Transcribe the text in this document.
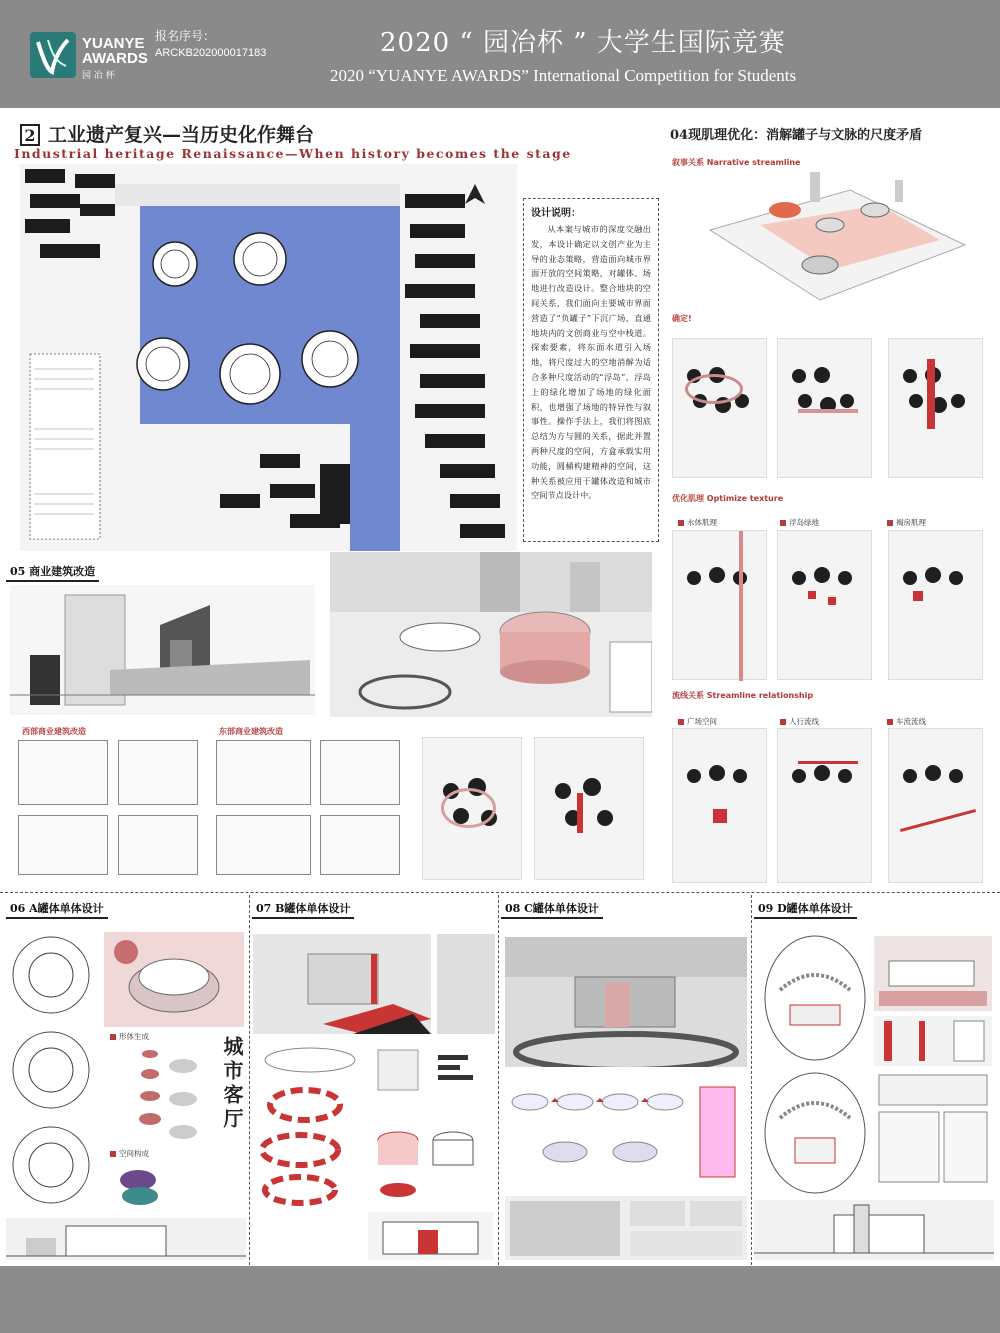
YUANYE
AWARDS
园 冶 杯
报名序号：
ARCKB202000017183	2020 “ 园冶杯 ” 大学生国际竞赛
2020 “YUANYE AWARDS” International Competition for Students
2 工业遗产复兴—当历史化作舞台
Industrial heritage Renaissance—When history becomes the stage
设计说明：
从本案与城市的深度交融出发，本设计确定以文创产业为主导的业态策略，营造面向城市界面开放的空间策略，对罐体、场地进行改造设计。整合地块的空间关系，我们面向主要城市界面营造了“负罐子”下沉广场，直通地块内的文创商业与空中栈道。探索要素，将东面水道引入场地，将尺度过大的空地消解为适合多种尺度活动的“浮岛”，浮岛上的绿化增加了场地的绿化面积，也增强了场地的特异性与叙事性。操作手法上，我们将图底总结为方与圆的关系，据此并置两种尺度的空间，方盒承载实用功能，圆桶构建精神的空间，这种关系被应用于罐体改造和城市空间节点设计中。
04现肌理优化：消解罐子与文脉的尺度矛盾
叙事关系 Narrative streamline
确定!
优化肌理 Optimize texture
水体肌理	浮岛绿地	褐房肌理
流线关系 Streamline relationship
广场空间	人行流线	车流流线
05 商业建筑改造
西部商业建筑改造	东部商业建筑改造
06 A罐体单体设计
形体生成
空间构成
城市客厅
07 B罐体单体设计	08 C罐体单体设计	09 D罐体单体设计
